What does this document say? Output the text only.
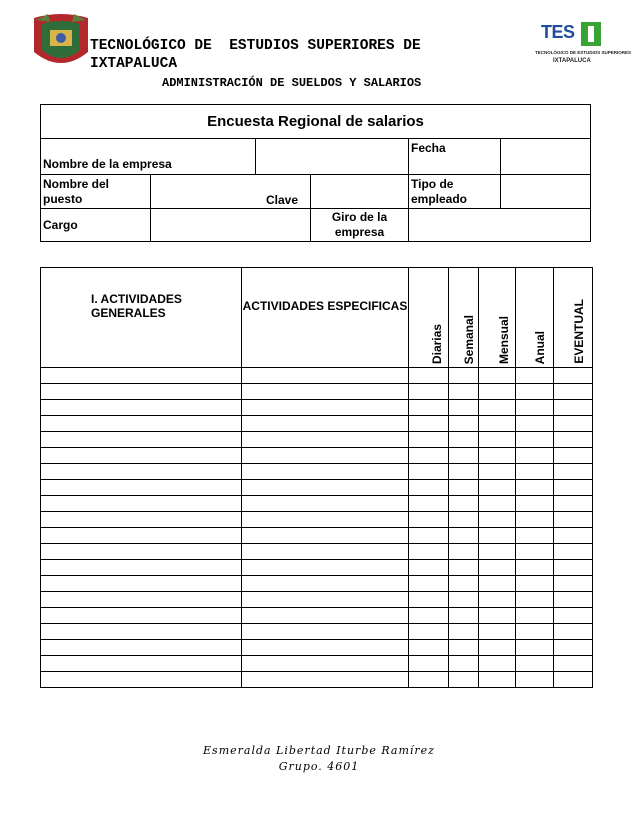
TES
TECNOLÓGICO DE ESTUDIOS SUPERIORES
IXTAPALUCA
TECNOLÓGICO DE  ESTUDIOS SUPERIORES DE
IXTAPALUCA
ADMINISTRACIÓN DE SUELDOS Y SALARIOS
Encuesta Regional de salarios					
Nombre de la empresa				Fecha	
Nombre del puesto	Clave			Tipo de empleado	
Cargo			Giro de la empresa		
I. ACTIVIDADES GENERALES	ACTIVIDADES ESPECIFICAS	Diarias	Semanal	Mensual	Anual	EVENTUAL

Esmeralda Libertad Iturbe Ramírez
Grupo. 4601
